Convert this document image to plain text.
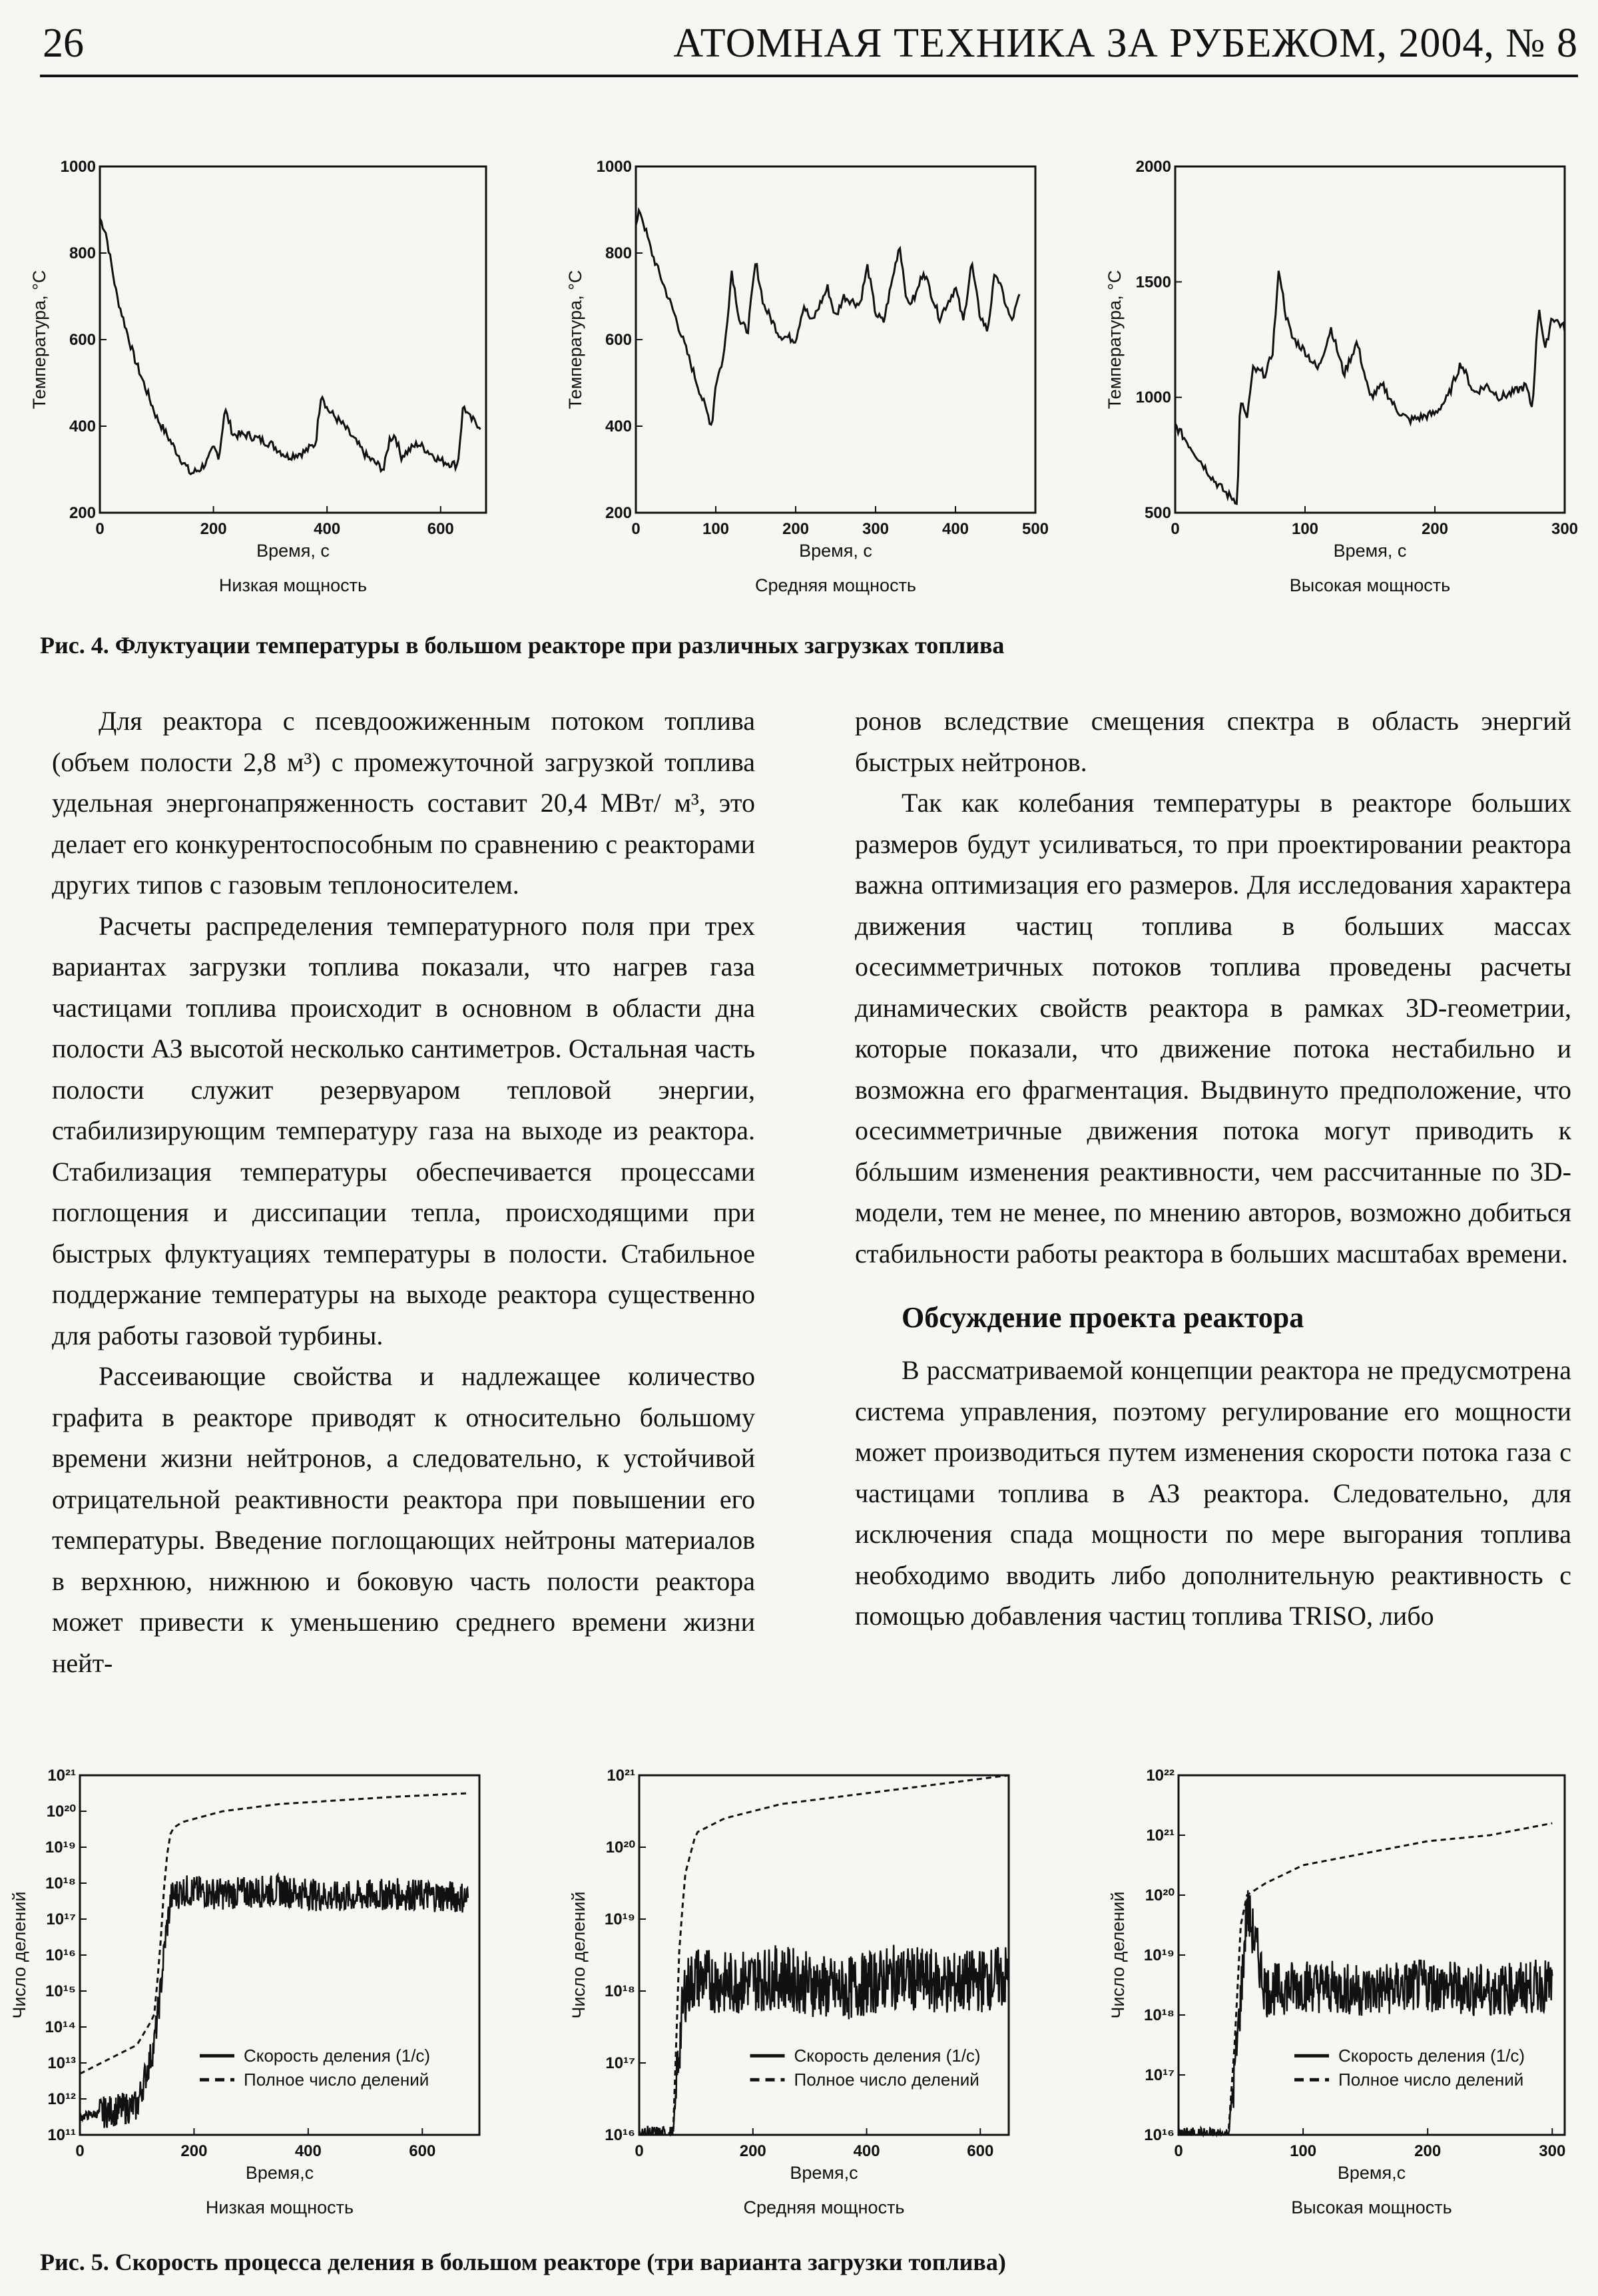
26	АТОМНАЯ ТЕХНИКА ЗА РУБЕЖОМ, 2004, № 8
200
400
600
800
1000
0	200	400	600
Время, с
Низкая мощность
Температура, °C
200
400
600
800
1000
0	100	200	300	400	500
Время, с
Средняя мощность
Температура, °C
500
1000
1500
2000
0	100	200	300
Время, с
Высокая мощность
Температура, °C
Рис. 4. Флуктуации температуры в большом реакторе при различных загрузках топлива

Для реактора с псевдоожиженным потоком топлива (объем полости 2,8 м³) с промежуточной загрузкой топлива удельная энергонапряженность составит 20,4 МВт/ м³, это делает его конкурентоспособным по сравнению с реакторами других типов с газовым теплоносителем.

Расчеты распределения температурного поля при трех вариантах загрузки топлива показали, что нагрев газа частицами топлива происходит в основном в области дна полости АЗ высотой несколько сантиметров. Остальная часть полости служит резервуаром тепловой энергии, стабилизирующим температуру газа на выходе из реактора. Стабилизация температуры обеспечивается процессами поглощения и диссипации тепла, происходящими при быстрых флуктуациях температуры в полости. Стабильное поддержание температуры на выходе реактора существенно для работы газовой турбины.

Рассеивающие свойства и надлежащее количество графита в реакторе приводят к относительно большому времени жизни нейтронов, а следовательно, к устойчивой отрицательной реактивности реактора при повышении его температуры. Введение поглощающих нейтроны материалов в верхнюю, нижнюю и боковую часть полости реактора может привести к уменьшению среднего времени жизни нейт-

ронов вследствие смещения спектра в область энергий быстрых нейтронов.

Так как колебания температуры в реакторе больших размеров будут усиливаться, то при проектировании реактора важна оптимизация его размеров. Для исследования характера движения частиц топлива в больших массах осесимметричных потоков топлива проведены расчеты динамических свойств реактора в рамках 3D-геометрии, которые показали, что движение потока нестабильно и возможна его фрагментация. Выдвинуто предположение, что осесимметричные движения потока могут приводить к бóльшим изменения реактивности, чем рассчитанные по 3D-модели, тем не менее, по мнению авторов, возможно добиться стабильности работы реактора в больших масштабах времени.

Обсуждение проекта реактора

В рассматриваемой концепции реактора не предусмотрена система управления, поэтому регулирование его мощности может производиться путем изменения скорости потока газа с частицами топлива в АЗ реактора. Следовательно, для исключения спада мощности по мере выгорания топлива необходимо вводить либо дополнительную реактивность с помощью добавления частиц топлива TRISO, либо

10¹¹
10¹²
10¹³
10¹⁴
10¹⁵
10¹⁶
10¹⁷
10¹⁸
10¹⁹
10²⁰
10²¹
0	200	400	600
Время,с
Низкая мощность
Число делений
Скорость деления (1/с)
Полное число делений
10¹⁶
10¹⁷
10¹⁸
10¹⁹
10²⁰
10²¹
0	200	400	600
Время,с
Средняя мощность
Число делений
Скорость деления (1/с)
Полное число делений
10¹⁶
10¹⁷
10¹⁸
10¹⁹
10²⁰
10²¹
10²²
0	100	200	300
Время,с
Высокая мощность
Число делений
Скорость деления (1/с)
Полное число делений
Рис. 5. Скорость процесса деления в большом реакторе (три варианта загрузки топлива)
